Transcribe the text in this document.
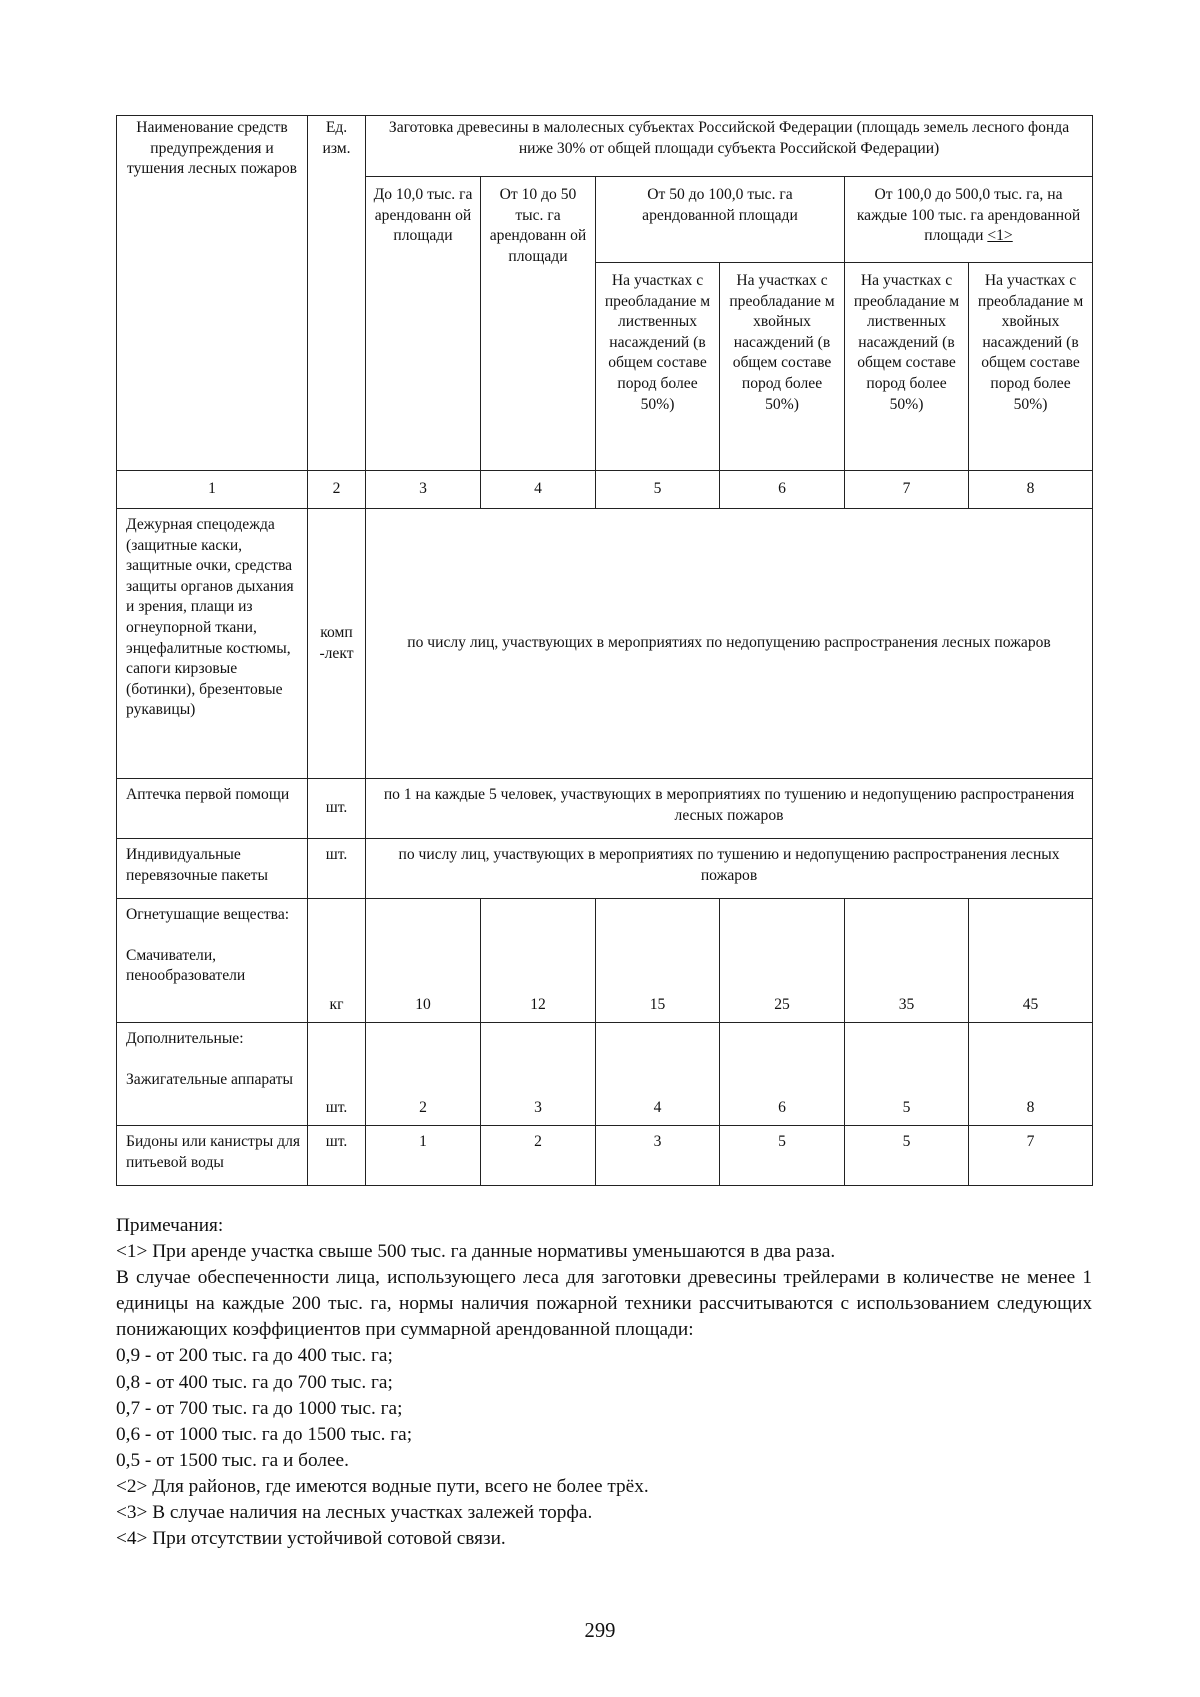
Наименование средств предупреждения и тушения лесных пожаров	Ед. изм.	Заготовка древесины в малолесных субъектах Российской Федерации (площадь земель лесного фонда ниже 30% от общей площади субъекта Российской Федерации)					
		До 10,0 тыс. га арендованн ой площади	От 10 до 50 тыс. га арендованн ой площади	От 50 до 100,0 тыс. га арендованной площади		От 100,0 до 500,0 тыс. га, на каждые 100 тыс. га арендованной площади <1>	
				На участках с преобладание м лиственных насаждений (в общем составе пород более 50%)	На участках с преобладание м хвойных насаждений (в общем составе пород более 50%)	На участках с преобладание м лиственных насаждений (в общем составе пород более 50%)	На участках с преобладание м хвойных насаждений (в общем составе пород более 50%)
1	2	3	4	5	6	7	8
Дежурная спецодежда (защитные каски, защитные очки, средства защиты органов дыхания и зрения, плащи из огнеупорной ткани, энцефалитные костюмы, сапоги кирзовые (ботинки), брезентовые рукавицы)	комп -лект	по числу лиц, участвующих в мероприятиях по недопущению распространения лесных пожаров					
Аптечка первой помощи	шт.	по 1 на каждые 5 человек, участвующих в мероприятиях по тушению и недопущению распространения лесных пожаров					
Индивидуальные перевязочные пакеты	шт.	по числу лиц, участвующих в мероприятиях по тушению и недопущению распространения лесных пожаров					

Огнетушащие вещества:
Смачиватели, пенообразователи	кг	10	12	15	25	35	45

Дополнительные:
Зажигательные аппараты	шт.	2	3	4	6	5	8
Бидоны или канистры для питьевой воды	шт.	1	2	3	5	5	7

Примечания:

<1> При аренде участка свыше 500 тыс. га данные нормативы уменьшаются в два раза.

В случае обеспеченности лица, использующего леса для заготовки древесины трейлерами в количестве не менее 1 единицы на каждые 200 тыс. га, нормы наличия пожарной техники рассчитываются с использованием следующих понижающих коэффициентов при суммарной арендованной площади:

0,9 - от 200 тыс. га до 400 тыс. га;

0,8 - от 400 тыс. га до 700 тыс. га;

0,7 - от 700 тыс. га до 1000 тыс. га;

0,6 - от 1000 тыс. га до 1500 тыс. га;

0,5 - от 1500 тыс. га и более.

<2> Для районов, где имеются водные пути, всего не более трёх.

<3> В случае наличия на лесных участках залежей торфа.

<4> При отсутствии устойчивой сотовой связи.

299
